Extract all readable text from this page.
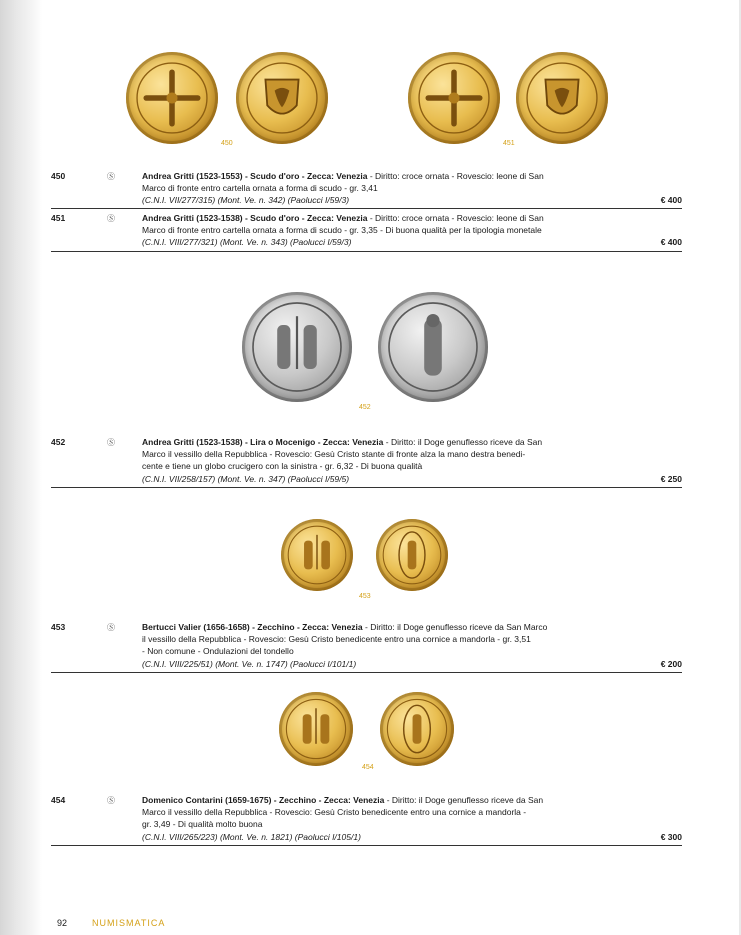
450	451
450	Ⓢ	Andrea Gritti (1523-1553) - Scudo d'oro - Zecca: Venezia - Diritto: croce ornata - Rovescio: leone di San
Marco di fronte entro cartella ornata a forma di scudo - gr. 3,41
(C.N.I. VII/277/315) (Mont. Ve. n. 342) (Paolucci I/59/3)	€ 400
451	Ⓢ	Andrea Gritti (1523-1538) - Scudo d'oro - Zecca: Venezia - Diritto: croce ornata - Rovescio: leone di San
Marco di fronte entro cartella ornata a forma di scudo - gr. 3,35 - Di buona qualità per la tipologia monetale
(C.N.I. VIII/277/321) (Mont. Ve. n. 343) (Paolucci I/59/3)	€ 400
452
452	Ⓢ	Andrea Gritti (1523-1538) - Lira o Mocenigo - Zecca: Venezia - Diritto: il Doge genuflesso riceve da San
Marco il vessillo della Repubblica - Rovescio: Gesù Cristo stante di fronte alza la mano destra benedi-
cente e tiene un globo crucigero con la sinistra - gr. 6,32 - Di buona qualità
(C.N.I. VII/258/157) (Mont. Ve. n. 347) (Paolucci I/59/5)	€ 250
453
453	Ⓢ	Bertucci Valier (1656-1658) - Zecchino - Zecca: Venezia - Diritto: il Doge genuflesso riceve da San Marco
il vessillo della Repubblica - Rovescio: Gesù Cristo benedicente entro una cornice a mandorla - gr. 3,51
- Non comune - Ondulazioni del tondello
(C.N.I. VIII/225/51) (Mont. Ve. n. 1747) (Paolucci I/101/1)	€ 200
454
454	Ⓢ	Domenico Contarini (1659-1675) - Zecchino - Zecca: Venezia - Diritto: il Doge genuflesso riceve da San
Marco il vessillo della Repubblica - Rovescio: Gesù Cristo benedicente entro una cornice a mandorla -
gr. 3,49 - Di qualità molto buona
(C.N.I. VIII/265/223) (Mont. Ve. n. 1821) (Paolucci I/105/1)	€ 300
92	NUMISMATICA
